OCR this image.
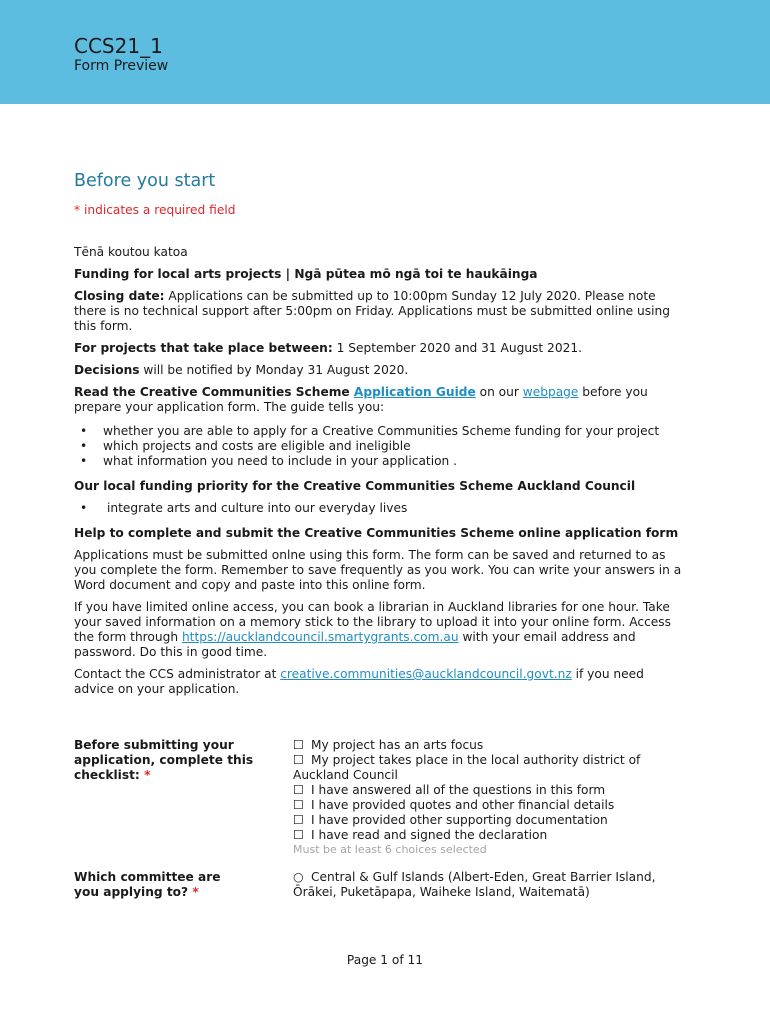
CCS21_1
Form Preview
Before you start
* indicates a required field

Tēnā koutou katoa

Funding for local arts projects | Ngā pūtea mō ngā toi te haukāinga

Closing date: Applications can be submitted up to 10:00pm Sunday 12 July 2020. Please note there is no technical support after 5:00pm on Friday. Applications must be submitted online using this form.

For projects that take place between: 1 September 2020 and 31 August 2021.

Decisions will be notified by Monday 31 August 2020.

Read the Creative Communities Scheme Application Guide on our webpage before you prepare your application form. The guide tells you:

• whether you are able to apply for a Creative Communities Scheme funding for your project
• which projects and costs are eligible and ineligible
• what information you need to include in your application .

Our local funding priority for the Creative Communities Scheme Auckland Council

• integrate arts and culture into our everyday lives

Help to complete and submit the Creative Communities Scheme online application form

Applications must be submitted onlne using this form. The form can be saved and returned to as you complete the form. Remember to save frequently as you work. You can write your answers in a Word document and copy and paste into this online form.

If you have limited online access, you can book a librarian in Auckland libraries for one hour. Take your saved information on a memory stick to the library to upload it into your online form. Access the form through https://aucklandcouncil.smartygrants.com.au with your email address and password. Do this in good time.

Contact the CCS administrator at creative.communities@aucklandcouncil.govt.nz if you need advice on your application.

Before submitting your application, complete this checklist: *
☐ My project has an arts focus
☐ My project takes place in the local authority district of Auckland Council
☐ I have answered all of the questions in this form
☐ I have provided quotes and other financial details
☐ I have provided other supporting documentation
☐ I have read and signed the declaration
Must be at least 6 choices selected
Which committee are you applying to? *
○ Central & Gulf Islands (Albert-Eden, Great Barrier Island, Ōrākei, Puketāpapa, Waiheke Island, Waitematā)
Page 1 of 11
